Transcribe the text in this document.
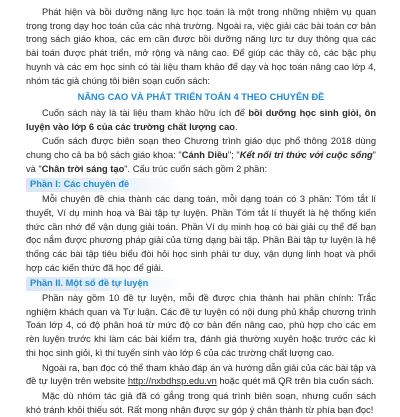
Phát hiện và bồi dưỡng năng lực học toán là một trong những nhiệm vụ quan trọng trong dạy học toán của các nhà trường. Ngoài ra, việc giải các bài toán cơ bản trong sách giáo khoa, các em cần được bồi dưỡng năng lực tư duy thông qua các bài toán được phát triển, mở rộng và nâng cao. Để giúp các thầy cô, các bậc phụ huynh và các em học sinh có tài liệu tham khảo để dạy và học toán nâng cao lớp 4, nhóm tác giả chúng tôi biên soạn cuốn sách:

NÂNG CAO VÀ PHÁT TRIỂN TOÁN 4 THEO CHUYÊN ĐỀ

Cuốn sách này là tài liệu tham khảo hữu ích để bồi dưỡng học sinh giỏi, ôn luyện vào lớp 6 của các trường chất lượng cao.

Cuốn sách được biên soạn theo Chương trình giáo dục phổ thông 2018 dùng chung cho cả ba bộ sách giáo khoa: "Cánh Diều"; "Kết nối tri thức với cuộc sống" và "Chân trời sáng tạo". Cấu trúc cuốn sách gồm 2 phần:

Phần I: Các chuyên đề

Mỗi chuyên đề chia thành các dạng toán, mỗi dạng toán có 3 phần: Tóm tắt lí thuyết, Ví dụ minh hoạ và Bài tập tự luyện. Phần Tóm tắt lí thuyết là hệ thống kiến thức cần nhớ để vận dụng giải toán. Phần Ví dụ minh hoạ có bài giải cụ thể để bạn đọc nắm được phương pháp giải của từng dạng bài tập. Phần Bài tập tự luyện là hệ thống các bài tập tiêu biểu đòi hỏi học sinh phải tư duy, vận dụng linh hoạt và phối hợp các kiến thức đã học để giải.

Phần II. Một số đề tự luyện

Phần này gồm 10 đề tự luyện, mỗi đề được chia thành hai phần chính: Trắc nghiệm khách quan và Tự luận. Các đề tự luyện có nội dung phủ khắp chương trình Toán lớp 4, có độ phân hoá từ mức độ cơ bản đến nâng cao, phù hợp cho các em rèn luyện trước khi làm các bài kiểm tra, đánh giá thường xuyên hoặc trước các kì thi học sinh giỏi, kì thi tuyển sinh vào lớp 6 của các trường chất lượng cao.

Ngoài ra, bạn đọc có thể tham khảo đáp án và hướng dẫn giải của các bài tập và đề tự luyện trên website http://nxbdhsp.edu.vn hoặc quét mã QR trên bìa cuốn sách.

Mặc dù nhóm tác giả đã có gắng trong quá trình biên soạn, nhưng cuốn sách khó tránh khỏi thiếu sót. Rất mong nhận được sự góp ý chân thành từ phía bạn đọc!
